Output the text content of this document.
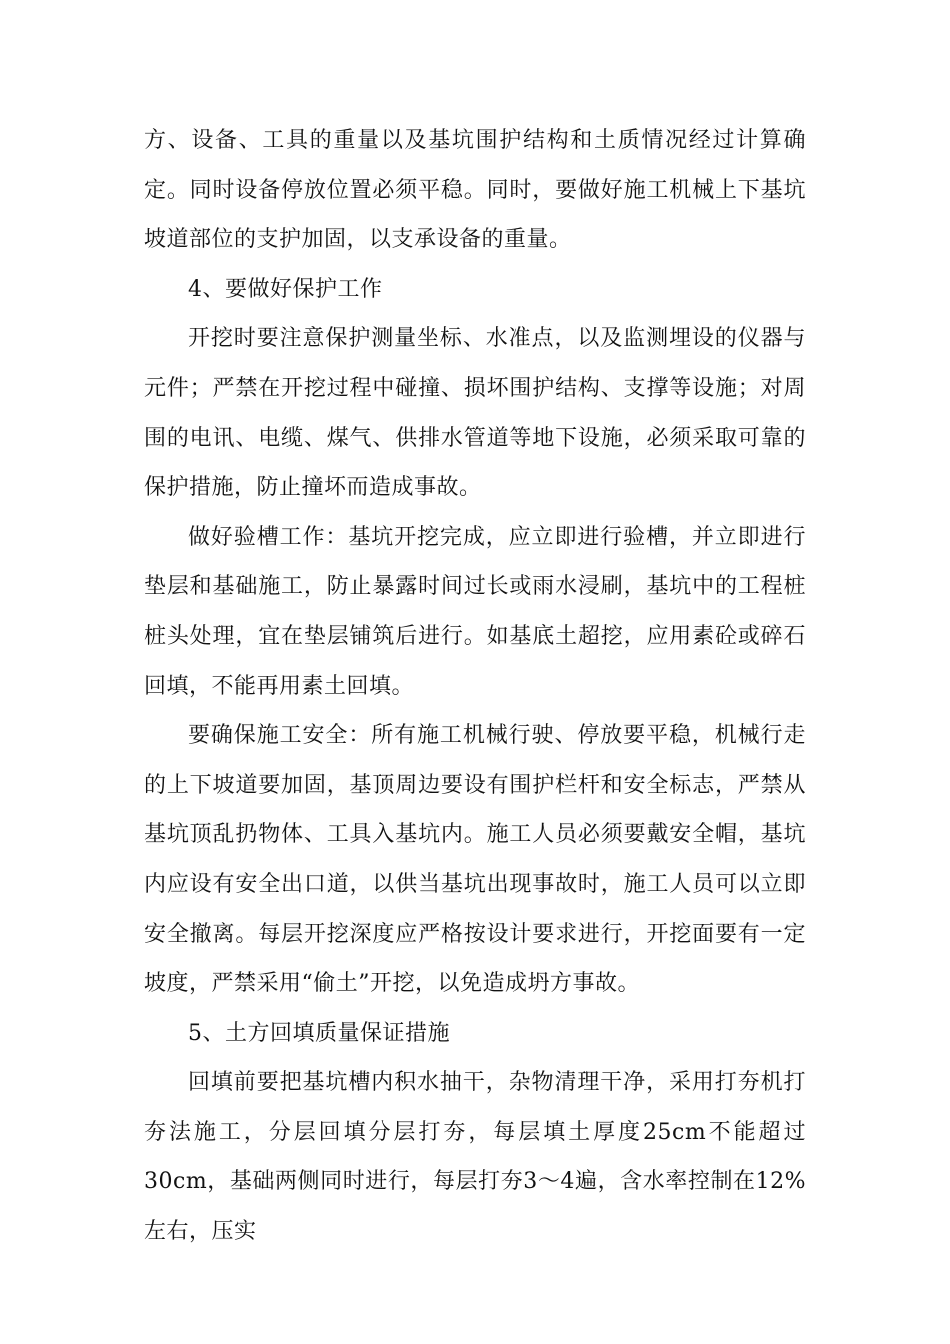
方、设备、工具的重量以及基坑围护结构和土质情况经过计算确定。同时设备停放位置必须平稳。同时，要做好施工机械上下基坑坡道部位的支护加固，以支承设备的重量。

4、要做好保护工作

开挖时要注意保护测量坐标、水准点，以及监测埋设的仪器与元件；严禁在开挖过程中碰撞、损坏围护结构、支撑等设施；对周围的电讯、电缆、煤气、供排水管道等地下设施，必须采取可靠的保护措施，防止撞坏而造成事故。

做好验槽工作：基坑开挖完成，应立即进行验槽，并立即进行垫层和基础施工，防止暴露时间过长或雨水浸刷，基坑中的工程桩桩头处理，宜在垫层铺筑后进行。如基底土超挖，应用素砼或碎石回填，不能再用素土回填。

要确保施工安全：所有施工机械行驶、停放要平稳，机械行走的上下坡道要加固，基顶周边要设有围护栏杆和安全标志，严禁从基坑顶乱扔物体、工具入基坑内。施工人员必须要戴安全帽，基坑内应设有安全出口道，以供当基坑出现事故时，施工人员可以立即安全撤离。每层开挖深度应严格按设计要求进行，开挖面要有一定坡度，严禁采用“偷土”开挖，以免造成坍方事故。

5、土方回填质量保证措施

回填前要把基坑槽内积水抽干，杂物清理干净，采用打夯机打夯法施工，分层回填分层打夯，每层填土厚度25cm不能超过30cm，基础两侧同时进行，每层打夯3～4遍，含水率控制在12%左右，压实
